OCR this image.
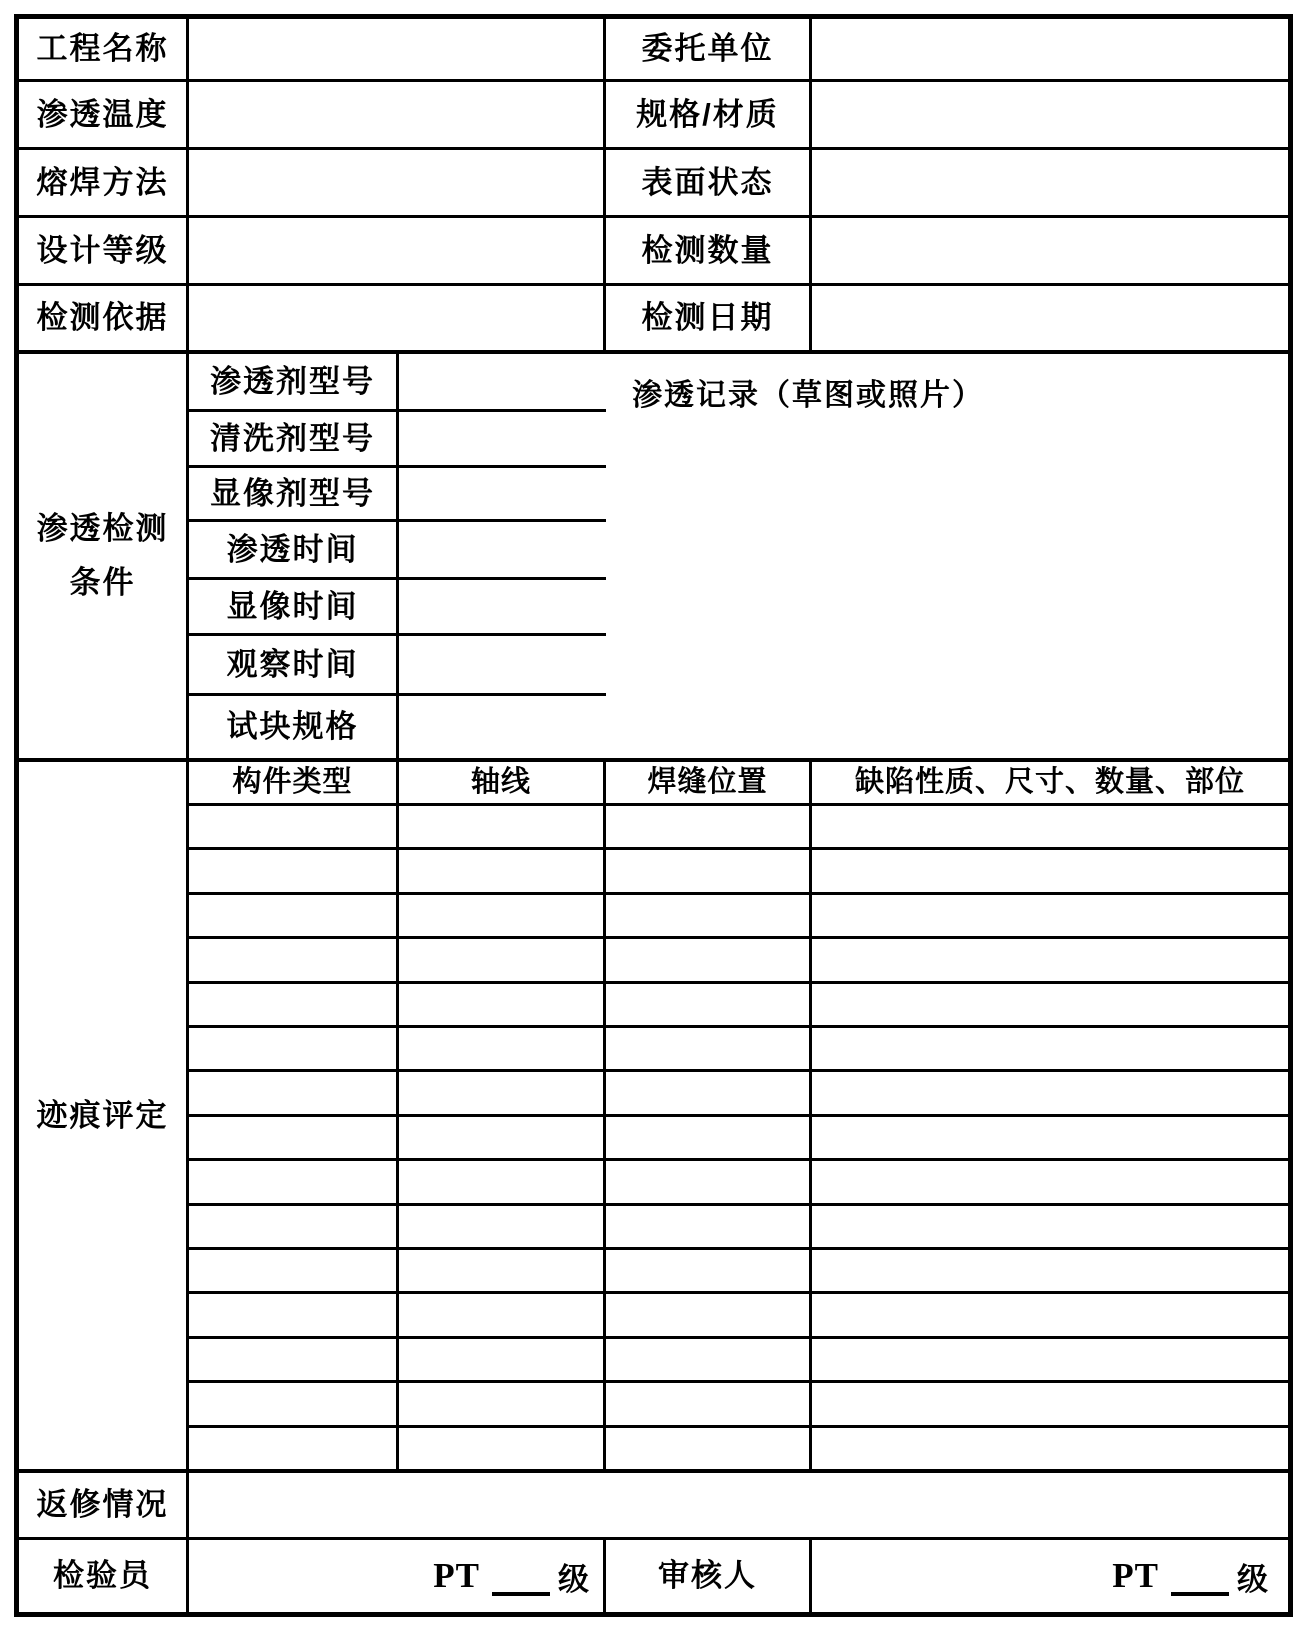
工程名称	委托单位
渗透温度	规格/材质
熔焊方法	表面状态
设计等级	检测数量
检测依据	检测日期
渗透检测
条件
渗透剂型号
清洗剂型号
显像剂型号
渗透时间
显像时间
观察时间
试块规格
渗透记录（草图或照片）
迹痕评定
构件类型	轴线	焊缝位置	缺陷性质、尺寸、数量、部位
返修情况
检验员	PT	级	审核人	PT	级
